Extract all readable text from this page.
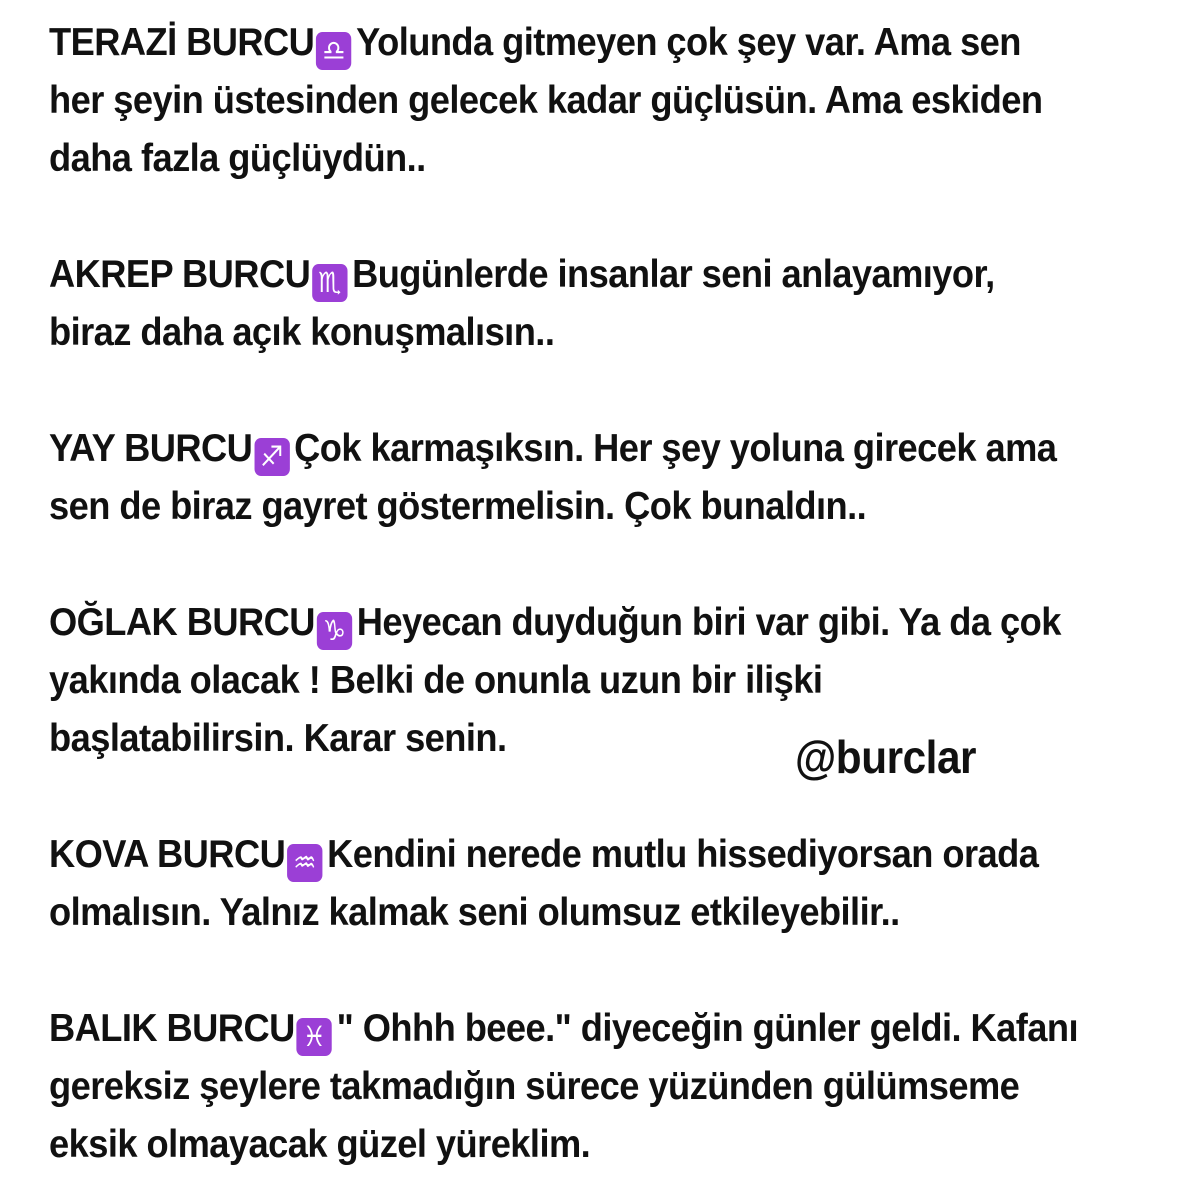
TERAZİ BURCU ♎ Yolunda gitmeyen çok şey var. Ama sen
her şeyin üstesinden gelecek kadar güçlüsün. Ama eskiden
daha fazla güçlüydün..

AKREP BURCU ♏ Bugünlerde insanlar seni anlayamıyor,
biraz daha açık konuşmalısın..

YAY BURCU ♐ Çok karmaşıksın. Her şey yoluna girecek ama
sen de biraz gayret göstermelisin. Çok bunaldın..

OĞLAK BURCU ♑ Heyecan duyduğun biri var gibi. Ya da çok
yakında olacak ! Belki de onunla uzun bir ilişki
başlatabilirsin. Karar senin.

KOVA BURCU ♒ Kendini nerede mutlu hissediyorsan orada
olmalısın. Yalnız kalmak seni olumsuz etkileyebilir..

BALIK BURCU ♓ " Ohhh beee." diyeceğin günler geldi. Kafanı
gereksiz şeylere takmadığın sürece yüzünden gülümseme
eksik olmayacak güzel yüreklim.

@burclar
